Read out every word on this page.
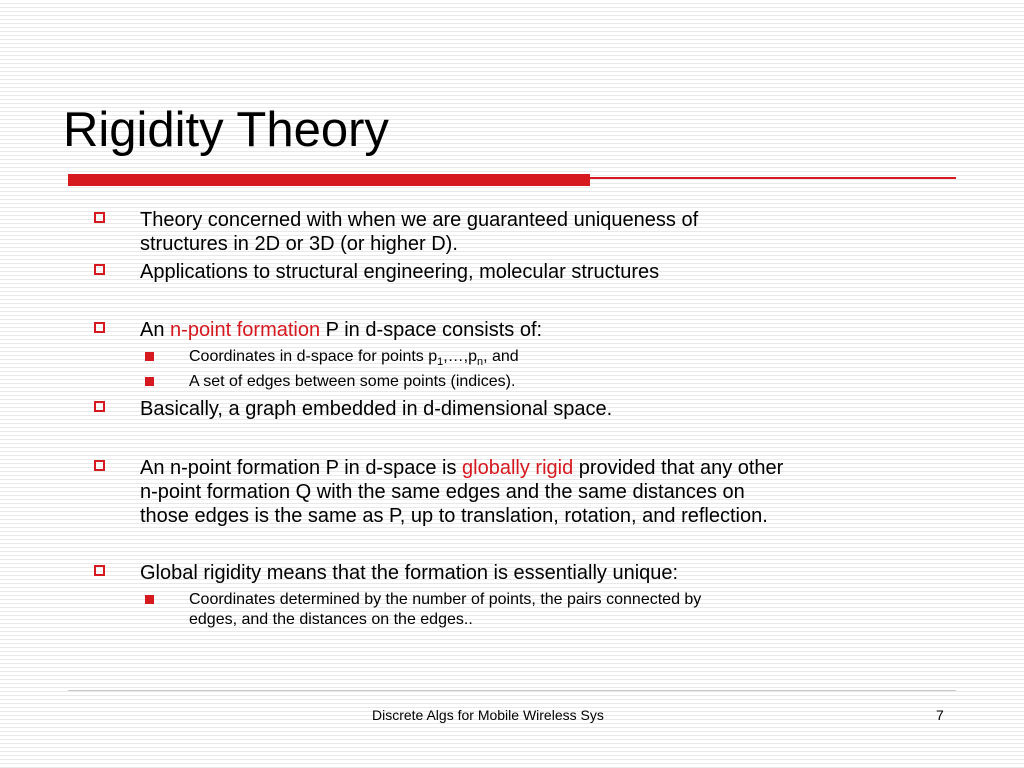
Rigidity Theory
Theory concerned with when we are guaranteed uniqueness of
structures in 2D or 3D (or higher D).
Applications to structural engineering, molecular structures
An n-point formation P in d-space consists of:
Coordinates in d-space for points $p_1,\dots,p_n$, and
A set of edges between some points (indices).
Basically, a graph embedded in d-dimensional space.
An n-point formation P in d-space is globally rigid provided that any other
n-point formation Q with the same edges and the same distances on
those edges is the same as P, up to translation, rotation, and reflection.
Global rigidity means that the formation is essentially unique:
Coordinates determined by the number of points, the pairs connected by
edges, and the distances on the edges..
Discrete Algs for Mobile Wireless Sys	7
